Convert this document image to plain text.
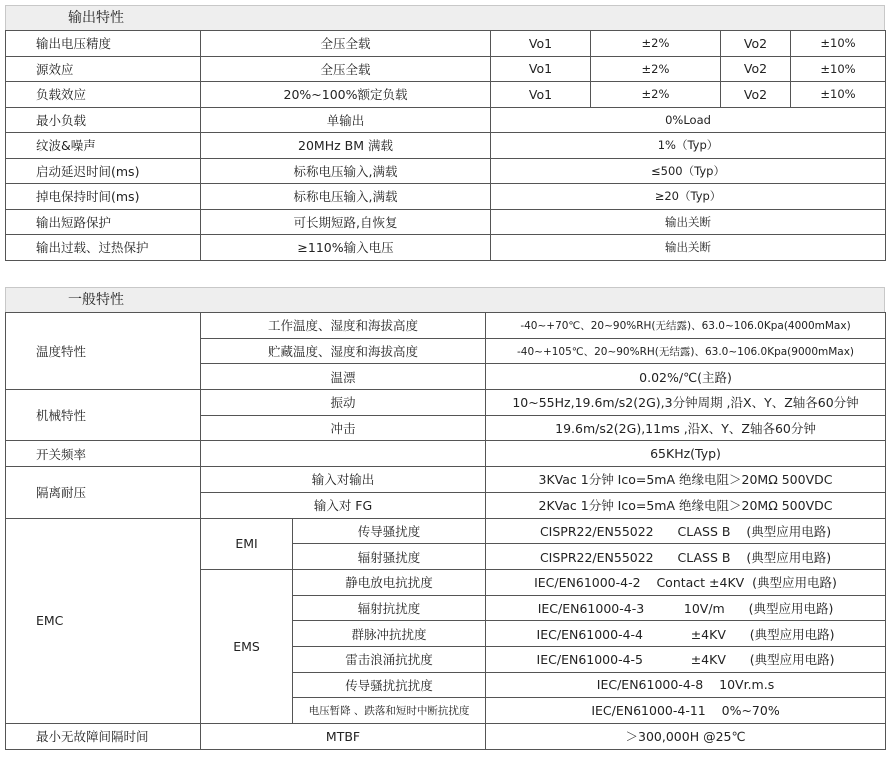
输出特性
输出电压精度	全压全载	Vo1	±2%	Vo2	±10%
源效应	全压全载	Vo1	±2%	Vo2	±10%
负载效应	20%~100%额定负载	Vo1	±2%	Vo2	±10%
最小负载	单输出	0%Load			
纹波&噪声	20MHz BM 满载	1%（Typ）			
启动延迟时间(ms)	标称电压输入,满载	≤500（Typ）			
掉电保持时间(ms)	标称电压输入,满载	≥20（Typ）			
输出短路保护	可长期短路,自恢复	输出关断			
输出过载、过热保护	≥110%输入电压	输出关断			
一般特性
温度特性	工作温度、湿度和海拔高度		-40~+70℃、20~90%RH(无结露)、63.0~106.0Kpa(4000mMax)
	贮藏温度、湿度和海拔高度		-40~+105℃、20~90%RH(无结露)、63.0~106.0Kpa(9000mMax)
	温漂		0.02%/℃(主路)
机械特性	振动		10~55Hz,19.6m/s2(2G),3分钟周期 ,沿X、Y、Z轴各60分钟
	冲击		19.6m/s2(2G),11ms ,沿X、Y、Z轴各60分钟
开关频率			65KHz(Typ)
隔离耐压	输入对输出		3KVac 1分钟 Ico=5mA 绝缘电阻＞20MΩ 500VDC
	输入对 FG		2KVac 1分钟 Ico=5mA 绝缘电阻＞20MΩ 500VDC
EMC	EMI	传导骚扰度	CISPR22/EN55022      CLASS B    (典型应用电路)
		辐射骚扰度	CISPR22/EN55022      CLASS B    (典型应用电路)
	EMS	静电放电抗扰度	IEC/EN61000-4-2    Contact ±4KV  (典型应用电路)
		辐射抗扰度	IEC/EN61000-4-3          10V/m      (典型应用电路)
		群脉冲抗扰度	IEC/EN61000-4-4            ±4KV      (典型应用电路)
		雷击浪涌抗扰度	IEC/EN61000-4-5            ±4KV      (典型应用电路)
		传导骚扰抗扰度	IEC/EN61000-4-8    10Vr.m.s
		电压暂降 、跌落和短时中断抗扰度	IEC/EN61000-4-11    0%~70%
最小无故障间隔时间	MTBF		＞300,000H @25℃
